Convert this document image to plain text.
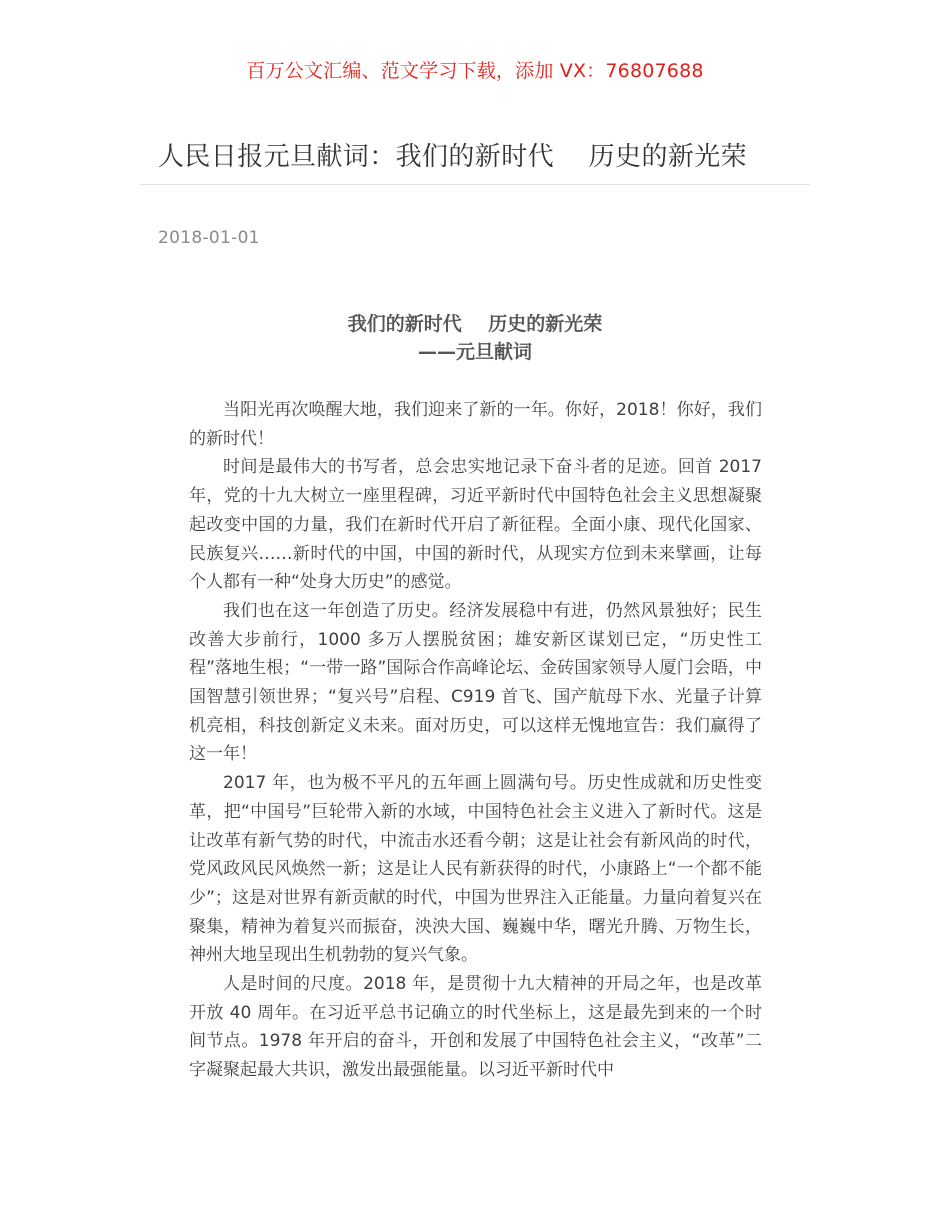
百万公文汇编、范文学习下载，添加 VX：76807688
人民日报元旦献词：我们的新时代    历史的新光荣
2018-01-01
我们的新时代    历史的新光荣
——元旦献词

当阳光再次唤醒大地，我们迎来了新的一年。你好，2018！你好，我们的新时代！

时间是最伟大的书写者，总会忠实地记录下奋斗者的足迹。回首 2017 年，党的十九大树立一座里程碑，习近平新时代中国特色社会主义思想凝聚起改变中国的力量，我们在新时代开启了新征程。全面小康、现代化国家、民族复兴……新时代的中国，中国的新时代，从现实方位到未来擘画，让每个人都有一种“处身大历史”的感觉。

我们也在这一年创造了历史。经济发展稳中有进，仍然风景独好；民生改善大步前行，1000 多万人摆脱贫困；雄安新区谋划已定，“历史性工程”落地生根；“一带一路”国际合作高峰论坛、金砖国家领导人厦门会晤，中国智慧引领世界；“复兴号”启程、C919 首飞、国产航母下水、光量子计算机亮相，科技创新定义未来。面对历史，可以这样无愧地宣告：我们赢得了这一年！

2017 年，也为极不平凡的五年画上圆满句号。历史性成就和历史性变革，把“中国号”巨轮带入新的水域，中国特色社会主义进入了新时代。这是让改革有新气势的时代，中流击水还看今朝；这是让社会有新风尚的时代，党风政风民风焕然一新；这是让人民有新获得的时代，小康路上“一个都不能少”；这是对世界有新贡献的时代，中国为世界注入正能量。力量向着复兴在聚集，精神为着复兴而振奋，泱泱大国、巍巍中华，曙光升腾、万物生长，神州大地呈现出生机勃勃的复兴气象。

人是时间的尺度。2018 年，是贯彻十九大精神的开局之年，也是改革开放 40 周年。在习近平总书记确立的时代坐标上，这是最先到来的一个时间节点。1978 年开启的奋斗，开创和发展了中国特色社会主义，“改革”二字凝聚起最大共识，激发出最强能量。以习近平新时代中
